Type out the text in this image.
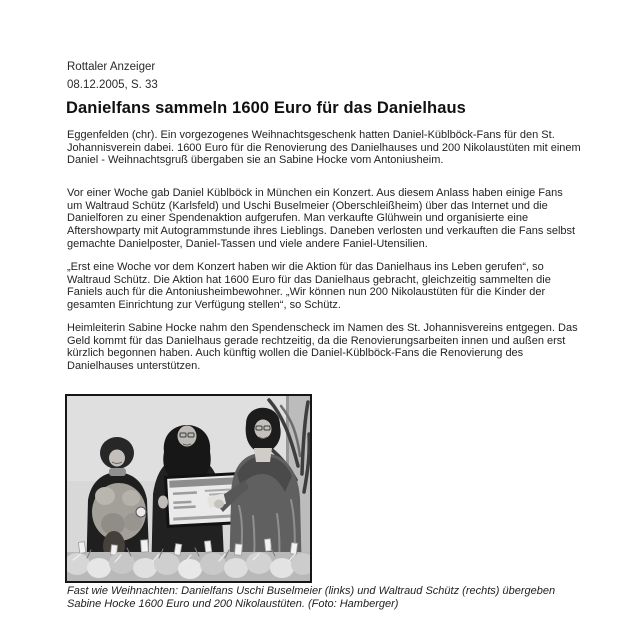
Rottaler Anzeiger
08.12.2005, S. 33
Danielfans sammeln 1600 Euro für das Danielhaus

Eggenfelden (chr). Ein vorgezogenes Weihnachtsgeschenk hatten Daniel-Küblböck-Fans für den St. Johannisverein dabei. 1600 Euro für die Renovierung des Danielhauses und 200 Nikolaustüten mit einem Daniel - Weihnachtsgruß übergaben sie an Sabine Hocke vom Antoniusheim.

Vor einer Woche gab Daniel Küblböck in München ein Konzert. Aus diesem Anlass haben einige Fans um Waltraud Schütz (Karlsfeld) und Uschi Buselmeier (Oberschleißheim) über das Internet und die Danielforen zu einer Spendenaktion aufgerufen. Man verkaufte Glühwein und organisierte eine Aftershowparty mit Autogrammstunde ihres Lieblings. Daneben verlosten und verkauften die Fans selbst gemachte Danielposter, Daniel-Tassen und viele andere Faniel-Utensilien.

„Erst eine Woche vor dem Konzert haben wir die Aktion für das Danielhaus ins Leben gerufen“, so Waltraud Schütz. Die Aktion hat 1600 Euro für das Danielhaus gebracht, gleichzeitig sammelten die Faniels auch für die Antoniusheimbewohner. „Wir können nun 200 Nikolaustüten für die Kinder der gesamten Einrichtung zur Verfügung stellen“, so Schütz.

Heimleiterin Sabine Hocke nahm den Spendenscheck im Namen des St. Johannisvereins entgegen. Das Geld kommt für das Danielhaus gerade rechtzeitig, da die Renovierungsarbeiten innen und außen erst kürzlich begonnen haben. Auch künftig wollen die Daniel-Küblböck-Fans die Renovierung des Danielhauses unterstützen.

Fast wie Weihnachten: Danielfans Uschi Buselmeier (links) und Waltraud Schütz (rechts) übergeben Sabine Hocke 1600 Euro und 200 Nikolaustüten. (Foto: Hamberger)
